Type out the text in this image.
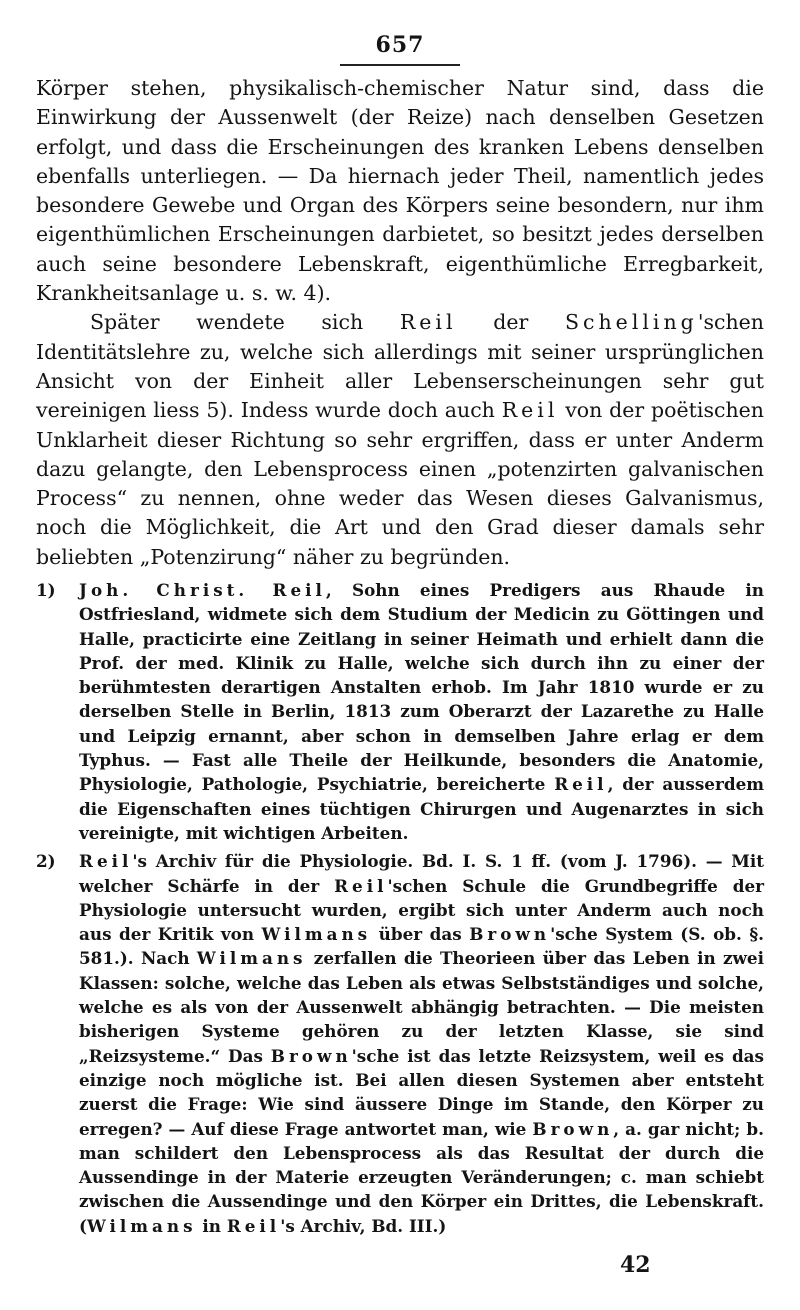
657

Körper stehen, physikalisch-chemischer Natur sind, dass die Einwirkung der Aussenwelt (der Reize) nach denselben Gesetzen erfolgt, und dass die Erscheinungen des kranken Lebens denselben ebenfalls unterliegen. — Da hiernach jeder Theil, namentlich jedes besondere Gewebe und Organ des Körpers seine besondern, nur ihm eigenthümlichen Erscheinungen darbietet, so besitzt jedes derselben auch seine besondere Lebenskraft, eigenthümliche Erregbarkeit, Krankheitsanlage u. s. w. 4).

Später wendete sich Reil der Schelling'schen Identitätslehre zu, welche sich allerdings mit seiner ursprünglichen Ansicht von der Einheit aller Lebenserscheinungen sehr gut vereinigen liess 5). Indess wurde doch auch Reil von der poëtischen Unklarheit dieser Richtung so sehr ergriffen, dass er unter Anderm dazu gelangte, den Lebensprocess einen „potenzirten galvanischen Process“ zu nennen, ohne weder das Wesen dieses Galvanismus, noch die Möglichkeit, die Art und den Grad dieser damals sehr beliebten „Potenzirung“ näher zu begründen.

1) Joh. Christ. Reil, Sohn eines Predigers aus Rhaude in Ostfriesland, widmete sich dem Studium der Medicin zu Göttingen und Halle, practicirte eine Zeitlang in seiner Heimath und erhielt dann die Prof. der med. Klinik zu Halle, welche sich durch ihn zu einer der berühmtesten derartigen Anstalten erhob. Im Jahr 1810 wurde er zu derselben Stelle in Berlin, 1813 zum Oberarzt der Lazarethe zu Halle und Leipzig ernannt, aber schon in demselben Jahre erlag er dem Typhus. — Fast alle Theile der Heilkunde, besonders die Anatomie, Physiologie, Pathologie, Psychiatrie, bereicherte Reil, der ausserdem die Eigenschaften eines tüchtigen Chirurgen und Augenarztes in sich vereinigte, mit wichtigen Arbeiten.

2) Reil's Archiv für die Physiologie. Bd. I. S. 1 ff. (vom J. 1796). — Mit welcher Schärfe in der Reil'schen Schule die Grundbegriffe der Physiologie untersucht wurden, ergibt sich unter Anderm auch noch aus der Kritik von Wilmans über das Brown'sche System (S. ob. §. 581.). Nach Wilmans zerfallen die Theorieen über das Leben in zwei Klassen: solche, welche das Leben als etwas Selbstständiges und solche, welche es als von der Aussenwelt abhängig betrachten. — Die meisten bisherigen Systeme gehören zu der letzten Klasse, sie sind „Reizsysteme.“ Das Brown'sche ist das letzte Reizsystem, weil es das einzige noch mögliche ist. Bei allen diesen Systemen aber entsteht zuerst die Frage: Wie sind äussere Dinge im Stande, den Körper zu erregen? — Auf diese Frage antwortet man, wie Brown, a. gar nicht; b. man schildert den Lebensprocess als das Resultat der durch die Aussendinge in der Materie erzeugten Veränderungen; c. man schiebt zwischen die Aussendinge und den Körper ein Drittes, die Lebenskraft. (Wilmans in Reil's Archiv, Bd. III.)

42
